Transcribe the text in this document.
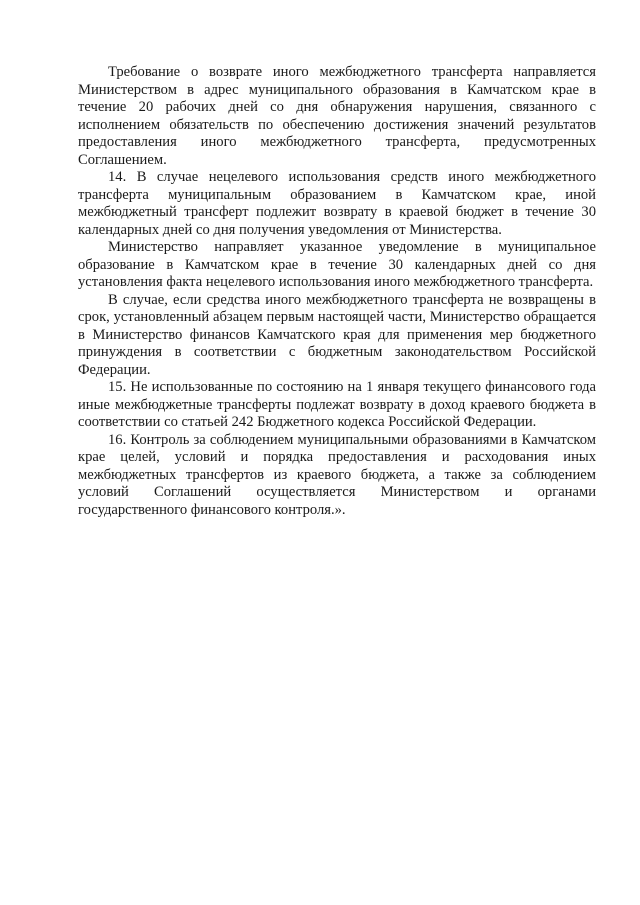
Требование о возврате иного межбюджетного трансферта направляется Министерством в адрес муниципального образования в Камчатском крае в течение 20 рабочих дней со дня обнаружения нарушения, связанного с исполнением обязательств по обеспечению достижения значений результатов предоставления иного межбюджетного трансферта, предусмотренных Соглашением.

14. В случае нецелевого использования средств иного межбюджетного трансферта муниципальным образованием в Камчатском крае, иной межбюджетный трансферт подлежит возврату в краевой бюджет в течение 30 календарных дней со дня получения уведомления от Министерства.

Министерство направляет указанное уведомление в муниципальное образование в Камчатском крае в течение 30 календарных дней со дня установления факта нецелевого использования иного межбюджетного трансферта.

В случае, если средства иного межбюджетного трансферта не возвращены в срок, установленный абзацем первым настоящей части, Министерство обращается в Министерство финансов Камчатского края для применения мер бюджетного принуждения в соответствии с бюджетным законодательством Российской Федерации.

15. Не использованные по состоянию на 1 января текущего финансового года иные межбюджетные трансферты подлежат возврату в доход краевого бюджета в соответствии со статьей 242 Бюджетного кодекса Российской Федерации.

16. Контроль за соблюдением муниципальными образованиями в Камчатском крае целей, условий и порядка предоставления и расходования иных межбюджетных трансфертов из краевого бюджета, а также за соблюдением условий Соглашений осуществляется Министерством и органами государственного финансового контроля.».
